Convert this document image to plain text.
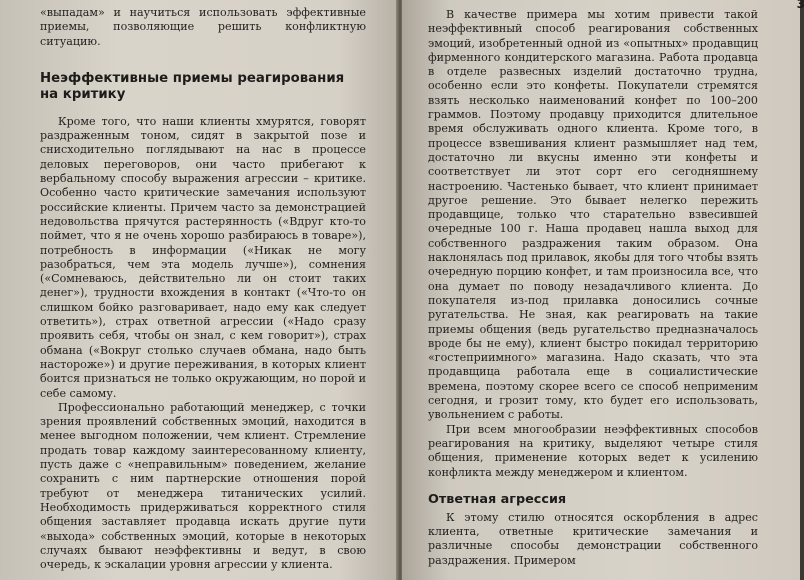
«выпадам» и научиться использовать эффективные приемы, позволяющие решить конфликтную ситуацию.

Неэффективные приемы реагирования на критику

Кроме того, что наши клиенты хмурятся, говорят раздраженным тоном, сидят в закрытой позе и снисходительно поглядывают на нас в процессе деловых переговоров, они часто прибегают к вербальному способу выражения агрессии – критике. Особенно часто критические замечания используют российские клиенты. Причем часто за демонстрацией недовольства прячутся растерянность («Вдруг кто-то поймет, что я не очень хорошо разбираюсь в товаре»), потребность в информации («Никак не могу разобраться, чем эта модель лучше»), сомнения («Сомневаюсь, действительно ли он стоит таких денег»), трудности вхождения в контакт («Что-то он слишком бойко разговаривает, надо ему как следует ответить»), страх ответной агрессии («Надо сразу проявить себя, чтобы он знал, с кем говорит»), страх обмана («Вокруг столько случаев обмана, надо быть настороже») и другие переживания, в которых клиент боится признаться не только окружающим, но порой и себе самому.

Профессионально работающий менеджер, с точки зрения проявлений собственных эмоций, находится в менее выгодном положении, чем клиент. Стремление продать товар каждому заинтересованному клиенту, пусть даже с «неправильным» поведением, желание сохранить с ним партнерские отношения порой требуют от менеджера титанических усилий. Необходимость придерживаться корректного стиля общения заставляет продавца искать другие пути «выхода» собственных эмоций, которые в некоторых случаях бывают неэффективны и ведут, в свою очередь, к эскалации уровня агрессии у клиента.

3

В качестве примера мы хотим привести такой неэффективный способ реагирования собственных эмоций, изобретенный одной из «опытных» продавщиц фирменного кондитерского магазина. Работа продавца в отделе развесных изделий достаточно трудна, особенно если это конфеты. Покупатели стремятся взять несколько наименований конфет по 100–200 граммов. Поэтому продавцу приходится длительное время обслуживать одного клиента. Кроме того, в процессе взвешивания клиент размышляет над тем, достаточно ли вкусны именно эти конфеты и соответствует ли этот сорт его сегодняшнему настроению. Частенько бывает, что клиент принимает другое решение. Это бывает нелегко пережить продавщице, только что старательно взвесившей очередные 100 г. Наша продавец нашла выход для собственного раздражения таким образом. Она наклонялась под прилавок, якобы для того чтобы взять очередную порцию конфет, и там произносила все, что она думает по поводу незадачливого клиента. До покупателя из-под прилавка доносились сочные ругательства. Не зная, как реагировать на такие приемы общения (ведь ругательство предназначалось вроде бы не ему), клиент быстро покидал территорию «гостеприимного» магазина. Надо сказать, что эта продавщица работала еще в социалистические времена, поэтому скорее всего се способ неприменим сегодня, и грозит тому, кто будет его использовать, увольнением с работы.

При всем многообразии неэффективных способов реагирования на критику, выделяют четыре стиля общения, применение которых ведет к усилению конфликта между менеджером и клиентом.

Ответная агрессия

К этому стилю относятся оскорбления в адрес клиента, ответные критические замечания и различные способы демонстрации собственного раздражения. Примером
